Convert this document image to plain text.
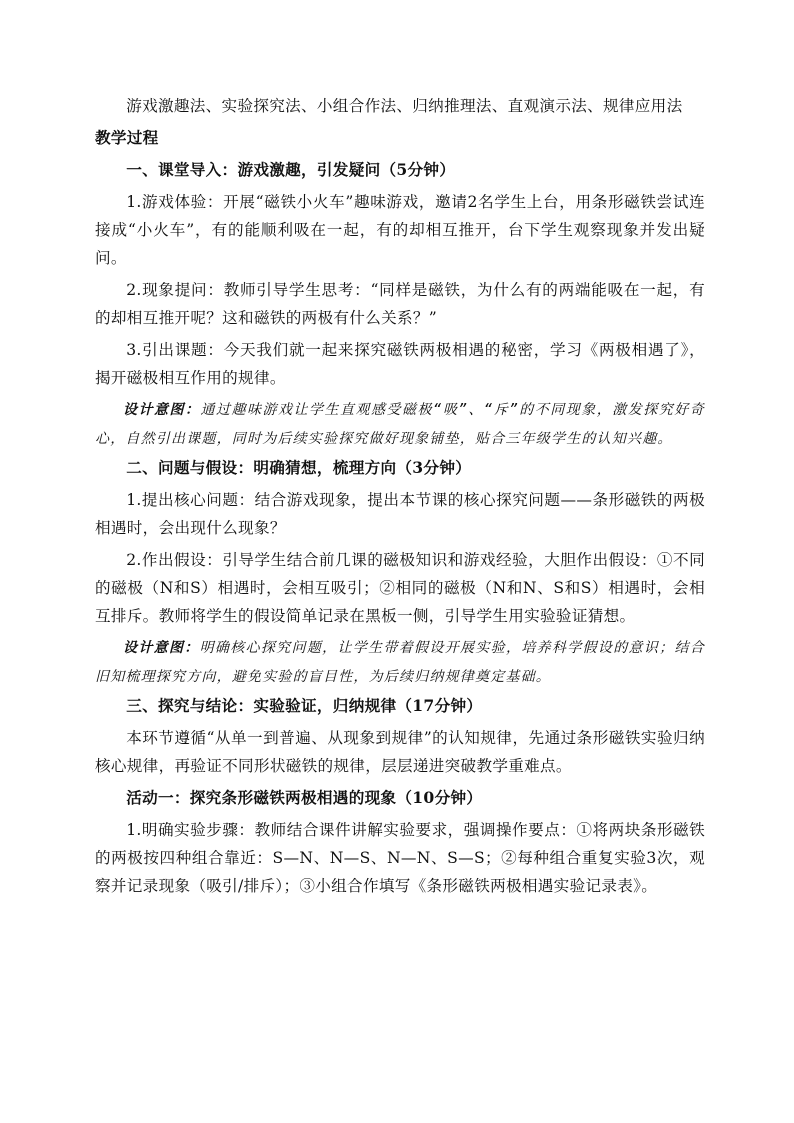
游戏激趣法、实验探究法、小组合作法、归纳推理法、直观演示法、规律应用法

教学过程

一、课堂导入：游戏激趣，引发疑问（5分钟）

1.游戏体验：开展“磁铁小火车”趣味游戏，邀请2名学生上台，用条形磁铁尝试连接成“小火车”，有的能顺利吸在一起，有的却相互推开，台下学生观察现象并发出疑问。

2.现象提问：教师引导学生思考：“同样是磁铁，为什么有的两端能吸在一起，有的却相互推开呢？这和磁铁的两极有什么关系？”

3.引出课题：今天我们就一起来探究磁铁两极相遇的秘密，学习《两极相遇了》，揭开磁极相互作用的规律。

设计意图：通过趣味游戏让学生直观感受磁极“吸”、“斥”的不同现象，激发探究好奇心，自然引出课题，同时为后续实验探究做好现象铺垫，贴合三年级学生的认知兴趣。

二、问题与假设：明确猜想，梳理方向（3分钟）

1.提出核心问题：结合游戏现象，提出本节课的核心探究问题——条形磁铁的两极相遇时，会出现什么现象？

2.作出假设：引导学生结合前几课的磁极知识和游戏经验，大胆作出假设：①不同的磁极（N和S）相遇时，会相互吸引；②相同的磁极（N和N、S和S）相遇时，会相互排斥。教师将学生的假设简单记录在黑板一侧，引导学生用实验验证猜想。

设计意图：明确核心探究问题，让学生带着假设开展实验，培养科学假设的意识；结合旧知梳理探究方向，避免实验的盲目性，为后续归纳规律奠定基础。

三、探究与结论：实验验证，归纳规律（17分钟）

本环节遵循“从单一到普遍、从现象到规律”的认知规律，先通过条形磁铁实验归纳核心规律，再验证不同形状磁铁的规律，层层递进突破教学重难点。

活动一：探究条形磁铁两极相遇的现象（10分钟）

1.明确实验步骤：教师结合课件讲解实验要求，强调操作要点：①将两块条形磁铁的两极按四种组合靠近：S—N、N—S、N—N、S—S；②每种组合重复实验3次，观察并记录现象（吸引/排斥）；③小组合作填写《条形磁铁两极相遇实验记录表》。
